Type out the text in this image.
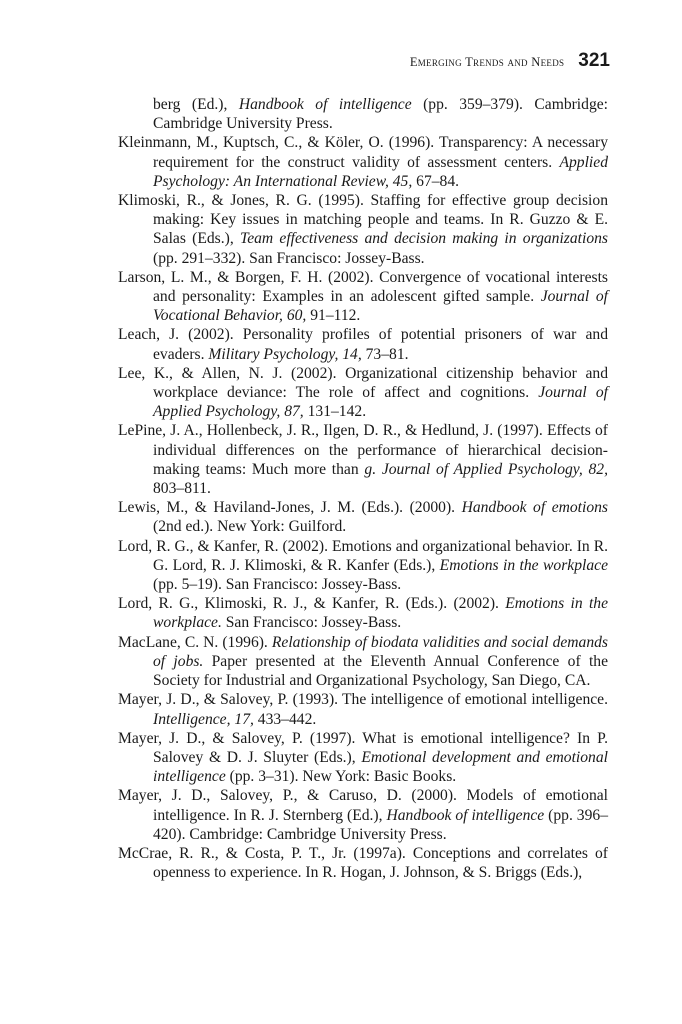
Emerging Trends and Needs 321
berg (Ed.), Handbook of intelligence (pp. 359–379). Cambridge: Cambridge University Press.
Kleinmann, M., Kuptsch, C., & Köler, O. (1996). Transparency: A necessary requirement for the construct validity of assessment centers. Applied Psychology: An International Review, 45, 67–84.
Klimoski, R., & Jones, R. G. (1995). Staffing for effective group decision making: Key issues in matching people and teams. In R. Guzzo & E. Salas (Eds.), Team effectiveness and decision making in organizations (pp. 291–332). San Francisco: Jossey-Bass.
Larson, L. M., & Borgen, F. H. (2002). Convergence of vocational interests and personality: Examples in an adolescent gifted sample. Journal of Vocational Behavior, 60, 91–112.
Leach, J. (2002). Personality profiles of potential prisoners of war and evaders. Military Psychology, 14, 73–81.
Lee, K., & Allen, N. J. (2002). Organizational citizenship behavior and workplace deviance: The role of affect and cognitions. Journal of Applied Psychology, 87, 131–142.
LePine, J. A., Hollenbeck, J. R., Ilgen, D. R., & Hedlund, J. (1997). Effects of individual differences on the performance of hierarchical decision-making teams: Much more than g. Journal of Applied Psychology, 82, 803–811.
Lewis, M., & Haviland-Jones, J. M. (Eds.). (2000). Handbook of emotions (2nd ed.). New York: Guilford.
Lord, R. G., & Kanfer, R. (2002). Emotions and organizational behavior. In R. G. Lord, R. J. Klimoski, & R. Kanfer (Eds.), Emotions in the workplace (pp. 5–19). San Francisco: Jossey-Bass.
Lord, R. G., Klimoski, R. J., & Kanfer, R. (Eds.). (2002). Emotions in the workplace. San Francisco: Jossey-Bass.
MacLane, C. N. (1996). Relationship of biodata validities and social demands of jobs. Paper presented at the Eleventh Annual Conference of the Society for Industrial and Organizational Psychology, San Diego, CA.
Mayer, J. D., & Salovey, P. (1993). The intelligence of emotional intelligence. Intelligence, 17, 433–442.
Mayer, J. D., & Salovey, P. (1997). What is emotional intelligence? In P. Salovey & D. J. Sluyter (Eds.), Emotional development and emotional intelligence (pp. 3–31). New York: Basic Books.
Mayer, J. D., Salovey, P., & Caruso, D. (2000). Models of emotional intelligence. In R. J. Sternberg (Ed.), Handbook of intelligence (pp. 396–420). Cambridge: Cambridge University Press.
McCrae, R. R., & Costa, P. T., Jr. (1997a). Conceptions and correlates of openness to experience. In R. Hogan, J. Johnson, & S. Briggs (Eds.),
